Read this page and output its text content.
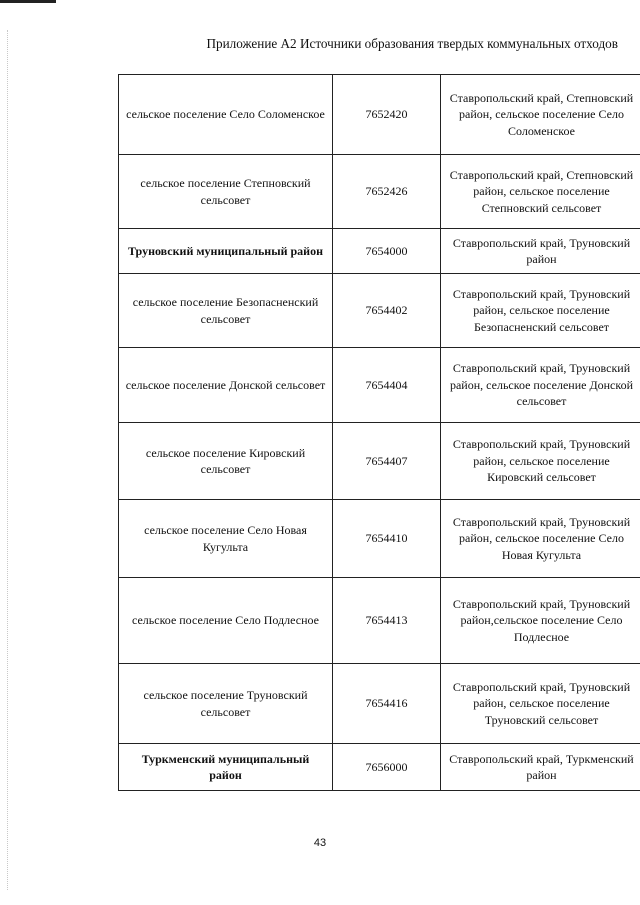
Приложение А2 Источники образования твердых коммунальных отходов
сельское поселение Село Соломенское	7652420	Ставропольский край, Степновский район, сельское поселение Село Соломенское
сельское поселение Степновский сельсовет	7652426	Ставропольский край, Степновский район, сельское поселение Степновский сельсовет
Труновский муниципальный район	7654000	Ставропольский край, Труновский район
сельское поселение Безопасненский сельсовет	7654402	Ставропольский край, Труновский район, сельское поселение Безопасненский сельсовет
сельское поселение Донской сельсовет	7654404	Ставропольский край, Труновский район, сельское поселение Донской сельсовет
сельское поселение Кировский сельсовет	7654407	Ставропольский край, Труновский район, сельское поселение Кировский сельсовет
сельское поселение Село Новая Кугульта	7654410	Ставропольский край, Труновский район, сельское поселение Село Новая Кугульта
сельское поселение Село Подлесное	7654413	Ставропольский край, Труновский район,сельское поселение Село Подлесное
сельское поселение Труновский сельсовет	7654416	Ставропольский край, Труновский район, сельское поселение Труновский сельсовет
Туркменский муниципальный район	7656000	Ставропольский край, Туркменский район
43
